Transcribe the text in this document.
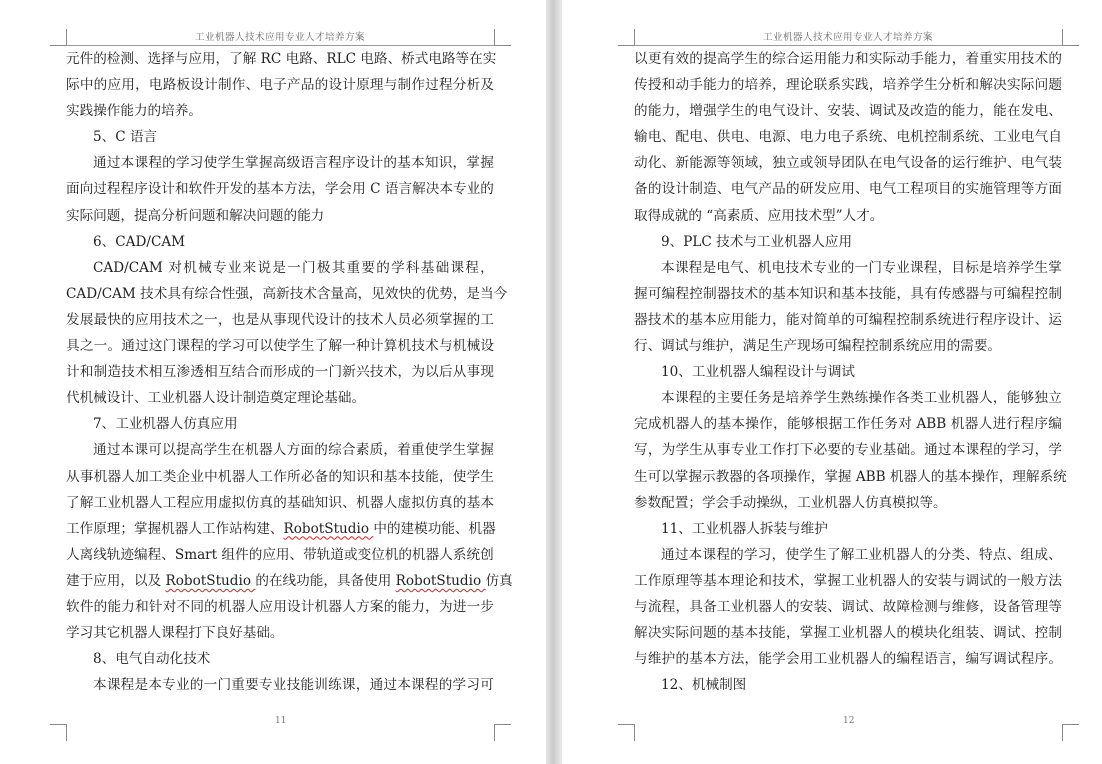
工业机器人技术应用专业人才培养方案
元 件 的 检 测 、 选 择 与 应 用 ， 了 解 RC 电 路 、 RLC 电 路 、 桥 式 电 路 等 在 实
际 中 的 应 用 ， 电 路 板 设 计 制 作 、 电 子 产 品 的 设 计 原 理 与 制 作 过 程 分 析 及
实践操作能力的培养。
5、C 语言
通 过 本 课 程 的 学 习 使 学 生 掌 握 高 级 语 言 程 序 设 计 的 基 本 知 识 ， 掌 握
面 向 过 程 程 序 设 计 和 软 件 开 发 的 基 本 方 法 ， 学 会 用 C 语 言 解 决 本 专 业 的
实际问题，提高分析问题和解决问题的能力
6、CAD/CAM
CAD/CAM 对 机 械 专 业 来 说 是 一 门 极 其 重 要 的 学 科 基 础 课 程 ，
CAD/CAM 技 术 具 有 综 合 性 强 ， 高 新 技 术 含 量 高 ， 见 效 快 的 优 势 ， 是 当 今
发 展 最 快 的 应 用 技 术 之 一 ， 也 是 从 事 现 代 设 计 的 技 术 人 员 必 须 掌 握 的 工
具 之 一 。 通 过 这 门 课 程 的 学 习 可 以 使 学 生 了 解 一 种 计 算 机 技 术 与 机 械 设
计 和 制 造 技 术 相 互 渗 透 相 互 结 合 而 形 成 的 一 门 新 兴 技 术 ， 为 以 后 从 事 现
代机械设计、工业机器人设计制造奠定理论基础。
7、工业机器人仿真应用
通 过 本 课 可 以 提 高 学 生 在 机 器 人 方 面 的 综 合 素 质 ， 着 重 使 学 生 掌 握
从 事 机 器 人 加 工 类 企 业 中 机 器 人 工 作 所 必 备 的 知 识 和 基 本 技 能 ， 使 学 生
了 解 工 业 机 器 人 工 程 应 用 虚 拟 仿 真 的 基 础 知 识 、 机 器 人 虚 拟 仿 真 的 基 本
工 作 原 理 ； 掌 握 机 器 人 工 作 站 构 建 、 RobotStudio 中 的 建 模 功 能 、 机 器
人 离 线 轨 迹 编 程 、 Smart 组 件 的 应 用 、 带 轨 道 或 变 位 机 的 机 器 人 系 统 创
建 于 应 用 ， 以 及 RobotStudio 的 在 线 功 能 ， 具 备 使 用 RobotStudio 仿 真
软 件 的 能 力 和 针 对 不 同 的 机 器 人 应 用 设 计 机 器 人 方 案 的 能 力 ， 为 进 一 步
学习其它机器人课程打下良好基础。
8、电气自动化技术
本 课 程 是 本 专 业 的 一 门 重 要 专 业 技 能 训 练 课 ， 通 过 本 课 程 的 学 习 可
11
工业机器人技术应用专业人才培养方案
以 更 有 效 的 提 高 学 生 的 综 合 运 用 能 力 和 实 际 动 手 能 力 ， 着 重 实 用 技 术 的
传 授 和 动 手 能 力 的 培 养 ， 理 论 联 系 实 践 ， 培 养 学 生 分 析 和 解 决 实 际 问 题
的 能 力 ， 增 强 学 生 的 电 气 设 计 、 安 装 、 调 试 及 改 造 的 能 力 ， 能 在 发 电 、
输 电 、 配 电 、 供 电 、 电 源 、 电 力 电 子 系 统 、 电 机 控 制 系 统 、 工 业 电 气 自
动 化 、 新 能 源 等 领 域 ， 独 立 或 领 导 团 队 在 电 气 设 备 的 运 行 维 护 、 电 气 装
备 的 设 计 制 造 、 电 气 产 品 的 研 发 应 用 、 电 气 工 程 项 目 的 实 施 管 理 等 方 面
取得成就的 “高素质、应用技术型”人才。
9、PLC 技术与工业机器人应用
本 课 程 是 电 气 、 机 电 技 术 专 业 的 一 门 专 业 课 程 ， 目 标 是 培 养 学 生 掌
握 可 编 程 控 制 器 技 术 的 基 本 知 识 和 基 本 技 能 ， 具 有 传 感 器 与 可 编 程 控 制
器 技 术 的 基 本 应 用 能 力 ， 能 对 简 单 的 可 编 程 控 制 系 统 进 行 程 序 设 计 、 运
行、调试与维护，满足生产现场可编程控制系统应用的需要。
10、工业机器人编程设计与调试
本 课 程 的 主 要 任 务 是 培 养 学 生 熟 练 操 作 各 类 工 业 机 器 人 ， 能 够 独 立
完 成 机 器 人 的 基 本 操 作 ， 能 够 根 据 工 作 任 务 对 ABB 机 器 人 进 行 程 序 编
写 ， 为 学 生 从 事 专 业 工 作 打 下 必 要 的 专 业 基 础 。 通 过 本 课 程 的 学 习 ， 学
生 可 以 掌 握 示 教 器 的 各 项 操 作 ， 掌 握 ABB 机 器 人 的 基 本 操 作 ， 理 解 系 统
参数配置；学会手动操纵，工业机器人仿真模拟等。
11、工业机器人拆装与维护
通 过 本 课 程 的 学 习 ， 使 学 生 了 解 工 业 机 器 人 的 分 类 、 特 点 、 组 成 、
工 作 原 理 等 基 本 理 论 和 技 术 ， 掌 握 工 业 机 器 人 的 安 装 与 调 试 的 一 般 方 法
与 流 程 ， 具 备 工 业 机 器 人 的 安 装 、 调 试 、 故 障 检 测 与 维 修 ， 设 备 管 理 等
解 决 实 际 问 题 的 基 本 技 能 ， 掌 握 工 业 机 器 人 的 模 块 化 组 装 、 调 试 、 控 制
与 维 护 的 基 本 方 法 ， 能 学 会 用 工 业 机 器 人 的 编 程 语 言 ， 编 写 调 试 程 序 。
12、机械制图
12
